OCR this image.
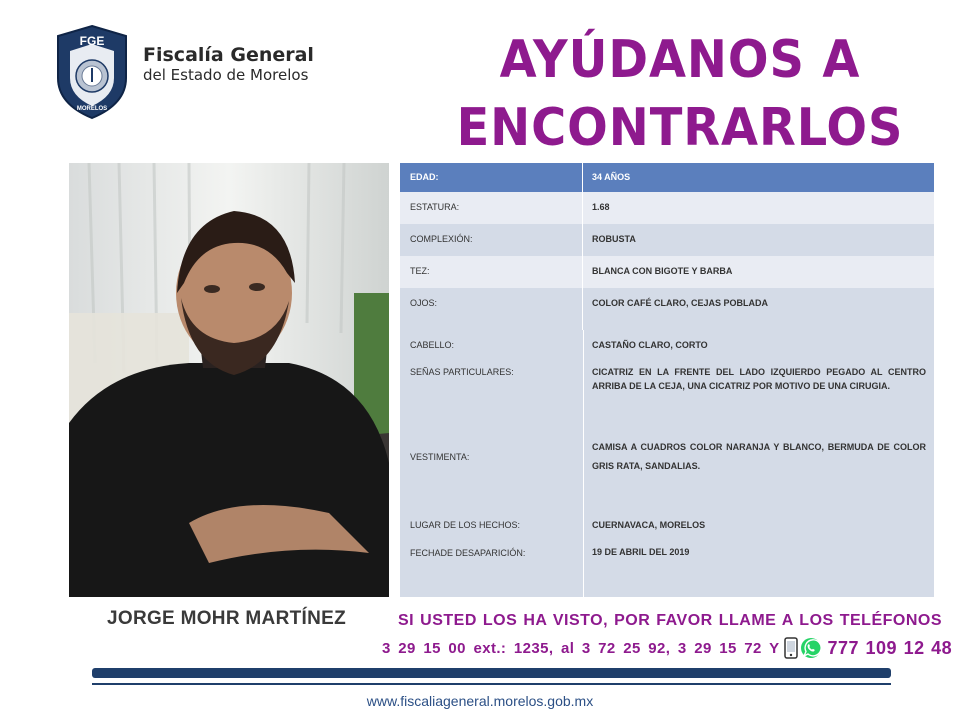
FGE
MORELOS
Fiscalía General
del Estado de Morelos	AYÚDANOS A
ENCONTRARLOS
EDAD:	34 AÑOS
ESTATURA:	1.68
COMPLEXIÓN:	ROBUSTA
TEZ:	BLANCA CON BIGOTE Y BARBA
OJOS:	COLOR CAFÉ CLARO, CEJAS POBLADA
CABELLO:	CASTAÑO CLARO, CORTO
SEÑAS PARTICULARES:	CICATRIZ EN LA FRENTE DEL LADO IZQUIERDO PEGADO AL CENTRO ARRIBA DE LA CEJA, UNA CICATRIZ POR MOTIVO DE UNA CIRUGIA.
VESTIMENTA:
CAMISA A CUADROS COLOR NARANJA Y BLANCO, BERMUDA DE COLOR GRIS RATA, SANDALIAS.
LUGAR DE LOS HECHOS:	CUERNAVACA, MORELOS
FECHADE DESAPARICIÓN:	19 DE ABRIL DEL 2019
JORGE MOHR MARTÍNEZ	SI USTED LOS HA VISTO, POR FAVOR LLAME A LOS TELÉFONOS
3 29 15 00 ext.: 1235, al 3 72 25 92, 3 29 15 72 Y	777 109 12 48
www.fiscaliageneral.morelos.gob.mx
